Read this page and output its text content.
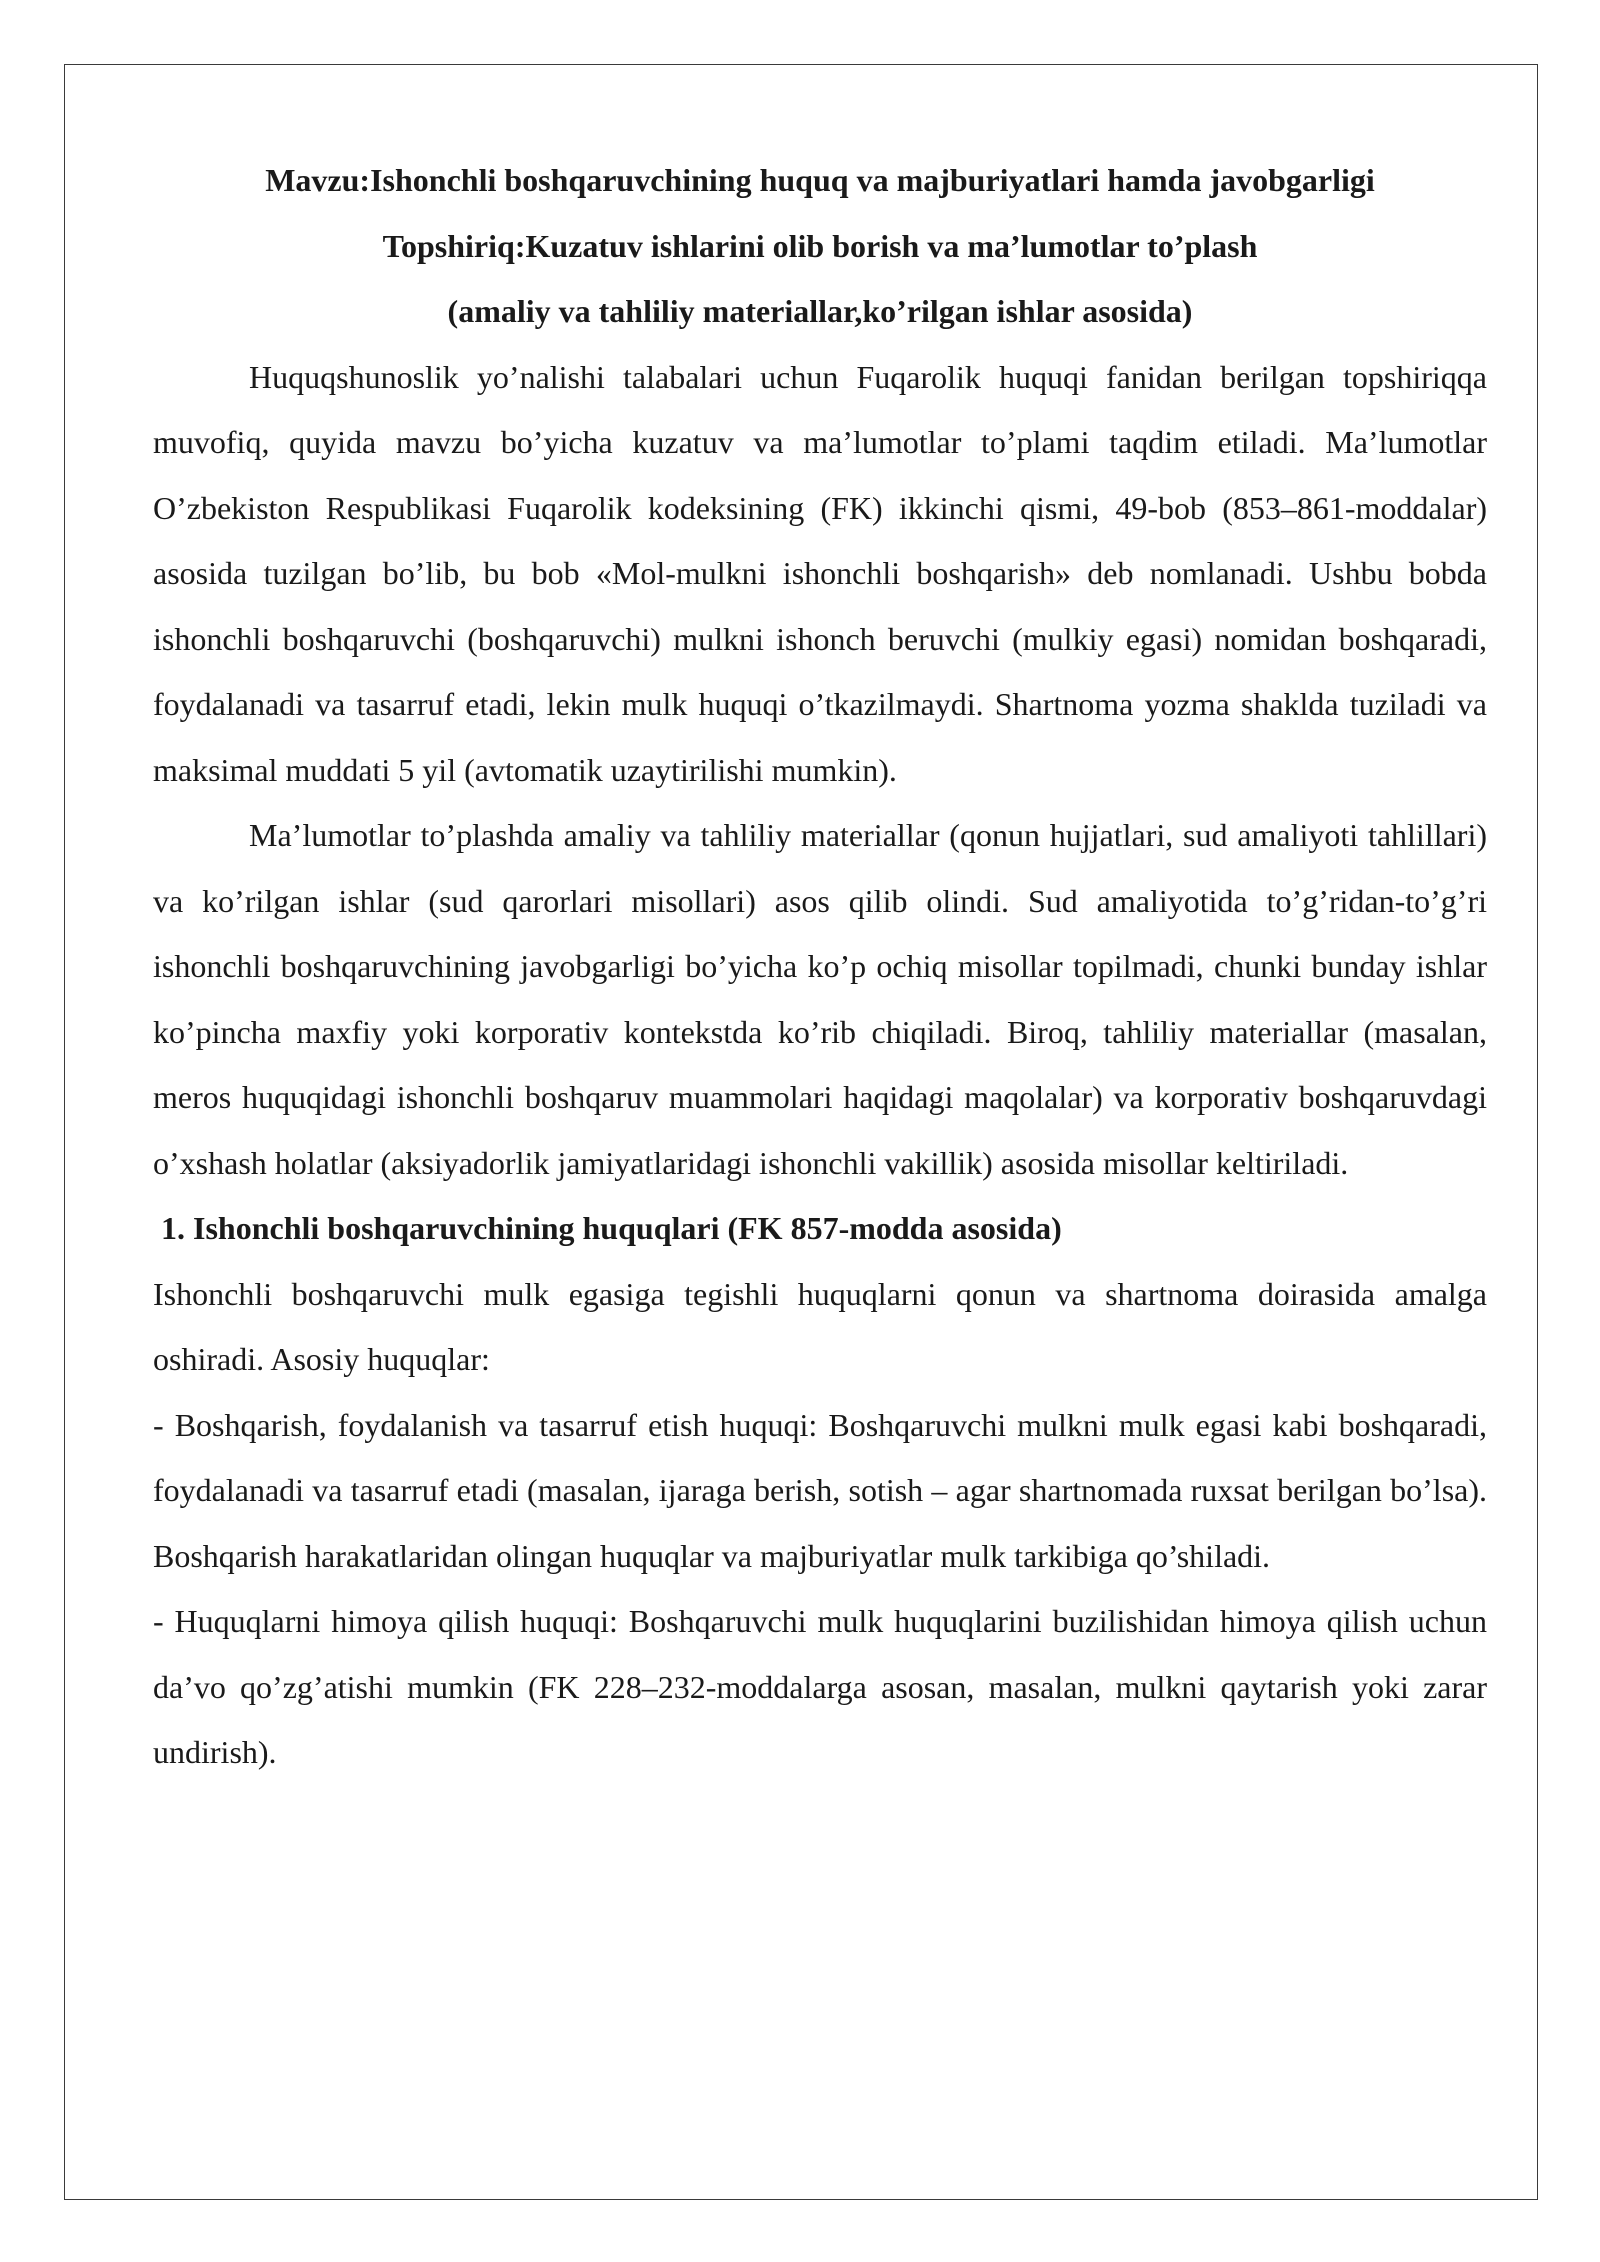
Mavzu:Ishonchli boshqaruvchining huquq va majburiyatlari hamda javobgarligi

Topshiriq:Kuzatuv ishlarini olib borish va ma’lumotlar to’plash

(amaliy va tahliliy materiallar,ko’rilgan ishlar asosida)

Huquqshunoslik yo’nalishi talabalari uchun Fuqarolik huquqi fanidan berilgan topshiriqqa muvofiq, quyida mavzu bo’yicha kuzatuv va ma’lumotlar to’plami taqdim etiladi. Ma’lumotlar O’zbekiston Respublikasi Fuqarolik kodeksining (FK) ikkinchi qismi, 49-bob (853–861-moddalar) asosida tuzilgan bo’lib, bu bob «Mol-mulkni ishonchli boshqarish» deb nomlanadi. Ushbu bobda ishonchli boshqaruvchi (boshqaruvchi) mulkni ishonch beruvchi (mulkiy egasi) nomidan boshqaradi, foydalanadi va tasarruf etadi, lekin mulk huquqi o’tkazilmaydi. Shartnoma yozma shaklda tuziladi va maksimal muddati 5 yil (avtomatik uzaytirilishi mumkin).

Ma’lumotlar to’plashda amaliy va tahliliy materiallar (qonun hujjatlari, sud amaliyoti tahlillari) va ko’rilgan ishlar (sud qarorlari misollari) asos qilib olindi. Sud amaliyotida to’g’ridan-to’g’ri ishonchli boshqaruvchining javobgarligi bo’yicha ko’p ochiq misollar topilmadi, chunki bunday ishlar ko’pincha maxfiy yoki korporativ kontekstda ko’rib chiqiladi. Biroq, tahliliy materiallar (masalan, meros huquqidagi ishonchli boshqaruv muammolari haqidagi maqolalar) va korporativ boshqaruvdagi o’xshash holatlar (aksiyadorlik jamiyatlaridagi ishonchli vakillik) asosida misollar keltiriladi.

1. Ishonchli boshqaruvchining huquqlari (FK 857-modda asosida)

Ishonchli boshqaruvchi mulk egasiga tegishli huquqlarni qonun va shartnoma doirasida amalga oshiradi. Asosiy huquqlar:

- Boshqarish, foydalanish va tasarruf etish huquqi: Boshqaruvchi mulkni mulk egasi kabi boshqaradi, foydalanadi va tasarruf etadi (masalan, ijaraga berish, sotish – agar shartnomada ruxsat berilgan bo’lsa). Boshqarish harakatlaridan olingan huquqlar va majburiyatlar mulk tarkibiga qo’shiladi.

- Huquqlarni himoya qilish huquqi: Boshqaruvchi mulk huquqlarini buzilishidan himoya qilish uchun da’vo qo’zg’atishi mumkin (FK 228–232-moddalarga asosan, masalan, mulkni qaytarish yoki zarar undirish).
